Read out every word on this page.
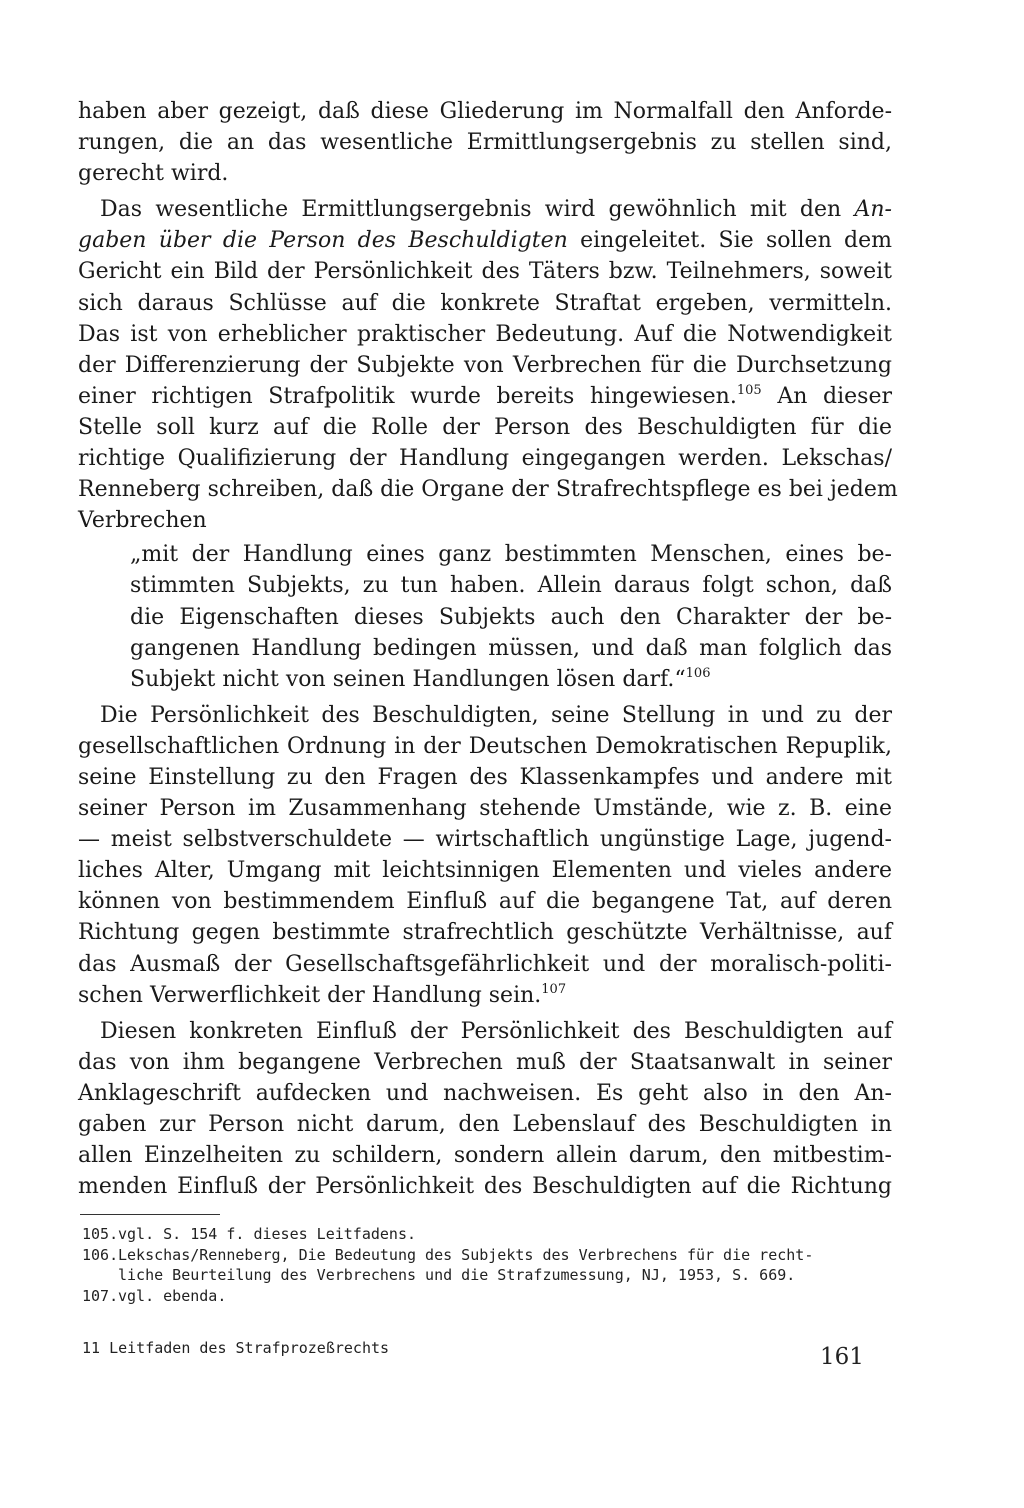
haben aber gezeigt, daß diese Gliederung im Normalfall den Anforde-
rungen, die an das wesentliche Ermittlungsergebnis zu stellen sind,
gerecht wird.
Das wesentliche Ermittlungsergebnis wird gewöhnlich mit den An-
gaben über die Person des Beschuldigten eingeleitet. Sie sollen dem
Gericht ein Bild der Persönlichkeit des Täters bzw. Teilnehmers, soweit
sich daraus Schlüsse auf die konkrete Straftat ergeben, vermitteln.
Das ist von erheblicher praktischer Bedeutung. Auf die Notwendigkeit
der Differenzierung der Subjekte von Verbrechen für die Durchsetzung
einer richtigen Strafpolitik wurde bereits hingewiesen.$^{105}$ An dieser
Stelle soll kurz auf die Rolle der Person des Beschuldigten für die
richtige Qualifizierung der Handlung eingegangen werden. Lekschas/
Renneberg schreiben, daß die Organe der Strafrechtspflege es bei jedem
Verbrechen
„mit der Handlung eines ganz bestimmten Menschen, eines be-
stimmten Subjekts, zu tun haben. Allein daraus folgt schon, daß
die Eigenschaften dieses Subjekts auch den Charakter der be-
gangenen Handlung bedingen müssen, und daß man folglich das
Subjekt nicht von seinen Handlungen lösen darf.“$^{106}$
Die Persönlichkeit des Beschuldigten, seine Stellung in und zu der
gesellschaftlichen Ordnung in der Deutschen Demokratischen Repuplik,
seine Einstellung zu den Fragen des Klassenkampfes und andere mit
seiner Person im Zusammenhang stehende Umstände, wie z. B. eine
— meist selbstverschuldete — wirtschaftlich ungünstige Lage, jugend-
liches Alter, Umgang mit leichtsinnigen Elementen und vieles andere
können von bestimmendem Einfluß auf die begangene Tat, auf deren
Richtung gegen bestimmte strafrechtlich geschützte Verhältnisse, auf
das Ausmaß der Gesellschaftsgefährlichkeit und der moralisch-politi-
schen Verwerflichkeit der Handlung sein.$^{107}$
Diesen konkreten Einfluß der Persönlichkeit des Beschuldigten auf
das von ihm begangene Verbrechen muß der Staatsanwalt in seiner
Anklageschrift aufdecken und nachweisen. Es geht also in den An-
gaben zur Person nicht darum, den Lebenslauf des Beschuldigten in
allen Einzelheiten zu schildern, sondern allein darum, den mitbestim-
menden Einfluß der Persönlichkeit des Beschuldigten auf die Richtung
105. vgl. S. 154 f. dieses Leitfadens.
106. Lekschas/Renneberg, Die Bedeutung des Subjekts des Verbrechens für die recht-
liche Beurteilung des Verbrechens und die Strafzumessung, NJ, 1953, S. 669.
107. vgl. ebenda.
11 Leitfaden des Strafprozeßrechts	161
